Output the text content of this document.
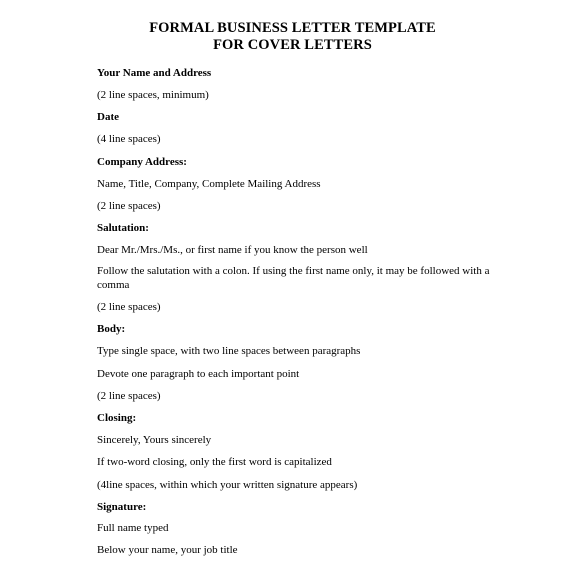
FORMAL BUSINESS LETTER TEMPLATE
FOR COVER LETTERS
Your Name and Address
(2 line spaces, minimum)
Date
(4 line spaces)
Company Address:
Name, Title, Company, Complete Mailing Address
(2 line spaces)
Salutation:
Dear Mr./Mrs./Ms., or first name if you know the person well
Follow the salutation with a colon. If using the first name only, it may be followed with a comma
(2 line spaces)
Body:
Type single space, with two line spaces between paragraphs
Devote one paragraph to each important point
(2 line spaces)
Closing:
Sincerely, Yours sincerely
If two-word closing, only the first word is capitalized
(4line spaces, within which your written signature appears)
Signature:
Full name typed
Below your name, your job title
